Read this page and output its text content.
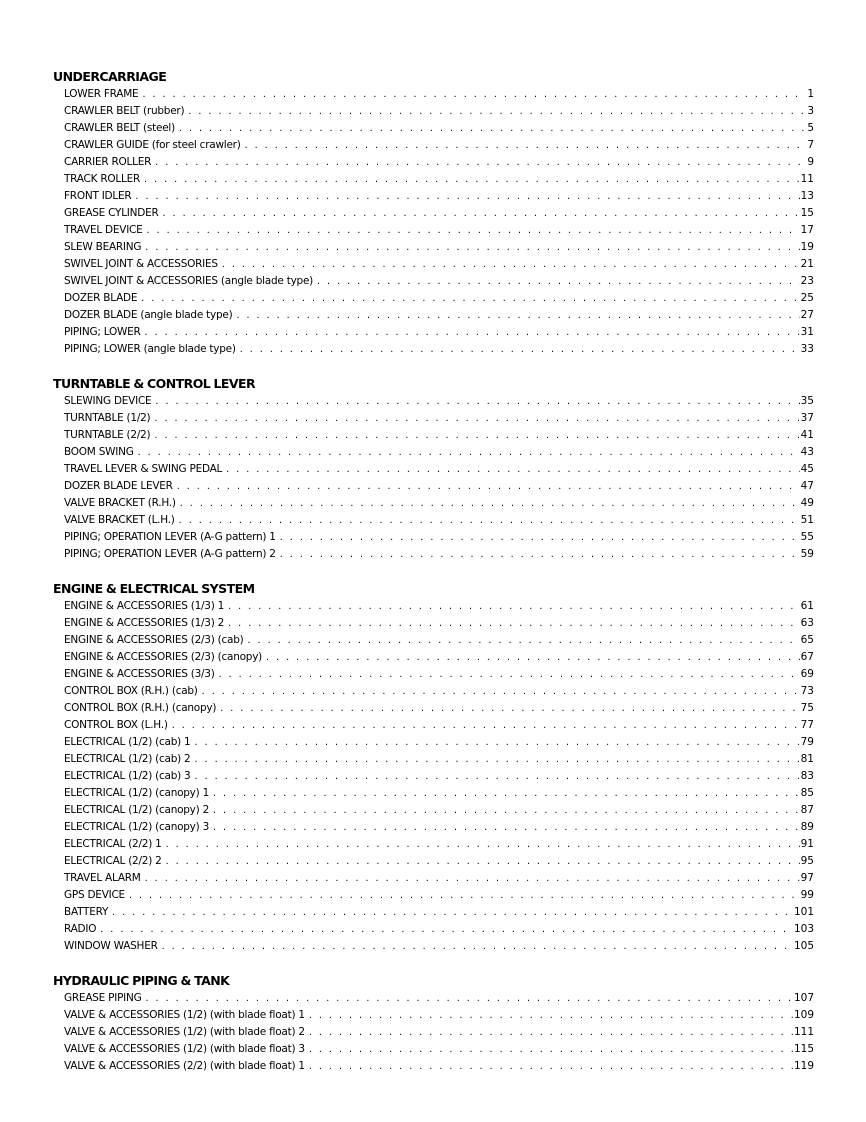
UNDERCARRIAGE
LOWER FRAME . . .	1
CRAWLER BELT (rubber) . . .	3
CRAWLER BELT (steel) . . .	5
CRAWLER GUIDE (for steel crawler) . . .	7
CARRIER ROLLER . . .	9
TRACK ROLLER . . .	11
FRONT IDLER . . .	13
GREASE CYLINDER . . .	15
TRAVEL DEVICE . . .	17
SLEW BEARING . . .	19
SWIVEL JOINT & ACCESSORIES . . .	21
SWIVEL JOINT & ACCESSORIES (angle blade type) . . .	23
DOZER BLADE . . .	25
DOZER BLADE (angle blade type) . . .	27
PIPING; LOWER . . .	31
PIPING; LOWER (angle blade type) . . .	33
TURNTABLE & CONTROL LEVER
SLEWING DEVICE . . .	35
TURNTABLE (1/2) . . .	37
TURNTABLE (2/2) . . .	41
BOOM SWING . . .	43
TRAVEL LEVER & SWING PEDAL . . .	45
DOZER BLADE LEVER . . .	47
VALVE BRACKET (R.H.) . . .	49
VALVE BRACKET (L.H.) . . .	51
PIPING; OPERATION LEVER (A-G pattern) 1 . . .	55
PIPING; OPERATION LEVER (A-G pattern) 2 . . .	59
ENGINE & ELECTRICAL SYSTEM
ENGINE & ACCESSORIES (1/3) 1 . . .	61
ENGINE & ACCESSORIES (1/3) 2 . . .	63
ENGINE & ACCESSORIES (2/3) (cab) . . .	65
ENGINE & ACCESSORIES (2/3) (canopy) . . .	67
ENGINE & ACCESSORIES (3/3) . . .	69
CONTROL BOX (R.H.) (cab) . . .	73
CONTROL BOX (R.H.) (canopy) . . .	75
CONTROL BOX (L.H.) . . .	77
ELECTRICAL (1/2) (cab) 1 . . .	79
ELECTRICAL (1/2) (cab) 2 . . .	81
ELECTRICAL (1/2) (cab) 3 . . .	83
ELECTRICAL (1/2) (canopy) 1 . . .	85
ELECTRICAL (1/2) (canopy) 2 . . .	87
ELECTRICAL (1/2) (canopy) 3 . . .	89
ELECTRICAL (2/2) 1 . . .	91
ELECTRICAL (2/2) 2 . . .	95
TRAVEL ALARM . . .	97
GPS DEVICE . . .	99
BATTERY . . .	101
RADIO . . .	103
WINDOW WASHER . . .	105
HYDRAULIC PIPING & TANK
GREASE PIPING . . .	107
VALVE & ACCESSORIES (1/2) (with blade float) 1 . . .	109
VALVE & ACCESSORIES (1/2) (with blade float) 2 . . .	111
VALVE & ACCESSORIES (1/2) (with blade float) 3 . . .	115
VALVE & ACCESSORIES (2/2) (with blade float) 1 . . .	119
